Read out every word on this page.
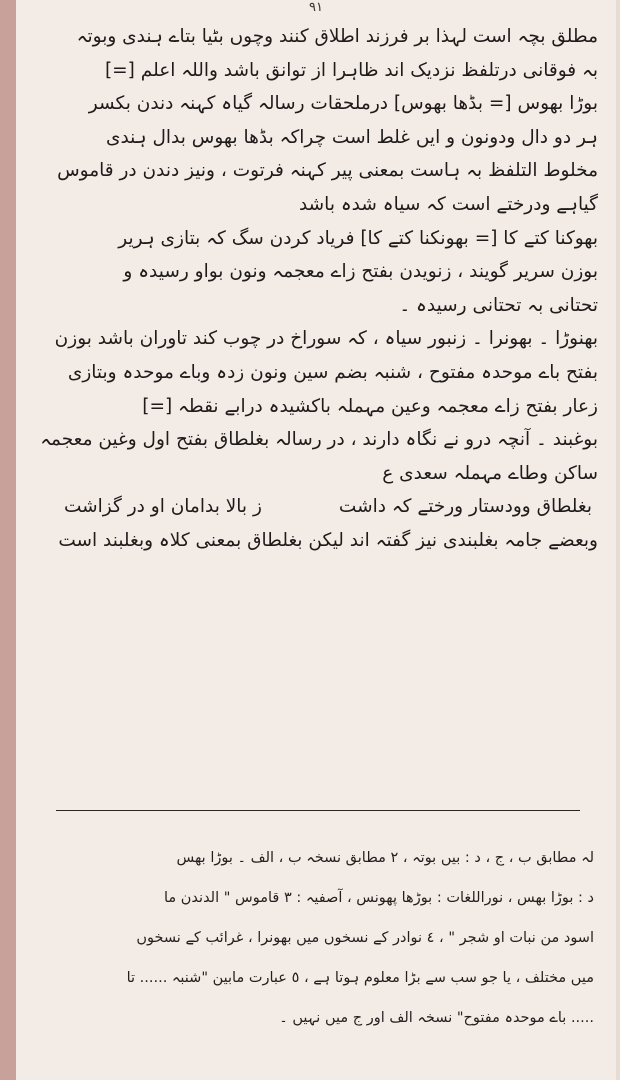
۹۱
مطلق بچہ است لہذا بر فرزند اطلاق کنند وچوں بٹیا بتاے ہندی وبوتہ
بہ فوقانی درتلفظ نزدیک اند ظاہرا از توانق باشد واللہ اعلم [=]
بوڑا بھوس [= بڈھا بھوس] درملحقات رسالہ گیاہ کہنہ دندن بکسر
ہر دو دال ودونون و ایں غلط است چراکہ بڈھا بھوس بدال ہندی
مخلوط التلفظ بہ ہاست بمعنی پیر کہنہ فرتوت ، ونیز دندن در قاموس
گیاہے ودرختے است کہ سیاہ شدہ باشد
بھوکنا کتے کا [= بھونکنا کتے کا] فریاد کردن سگ کہ بتازی ہریر
بوزن سریر گویند ، زنویدن بفتح زاے معجمہ ونون بواو رسیدہ و
تحتانی بہ تحتانی رسیدہ ۔
بھنوڑا ۔ بھونرا ۔ زنبور سیاہ ، کہ سوراخ در چوب کند تاوران باشد بوزن
بفتح باے موحدہ مفتوح ، شنبہ بضم سین ونون زدہ وباے موحدہ وبتازی
زعار بفتح زاے معجمہ وعین مہملہ باکشیدہ درابے نقطہ [=]
بوغبند ۔ آنچہ درو نے نگاہ دارند ، در رسالہ بغلطاق بفتح اول وغین معجمہ
ساکن وطاے مہملہ سعدی ع
بغلطاق وودستار ورختے کہ داشت
ز بالا بدامان او در گزاشت
وبعضے جامہ بغلبندی نیز گفتہ اند لیکن بغلطاق بمعنی کلاہ وبغلبند است
لہ مطابق ب ، ج ، د : بیں بوتہ ، ٢ مطابق نسخہ ب ، الف ۔ بوڑا بھس
د : بوڑا بھس ، نوراللغات : بوڑھا پھونس ، آصفیہ : ٣ قاموس " الدندن ما
اسود من نبات او شجر " ، ٤ نوادر کے نسخوں میں بھونرا ، غرائب کے نسخوں
میں مختلف ، یا جو سب سے بڑا معلوم ہوتا ہے ، ٥ عبارت مابین "شنبہ ...... تا
..... باے موحدہ مفتوح" نسخہ الف اور ج میں نہیں ۔
